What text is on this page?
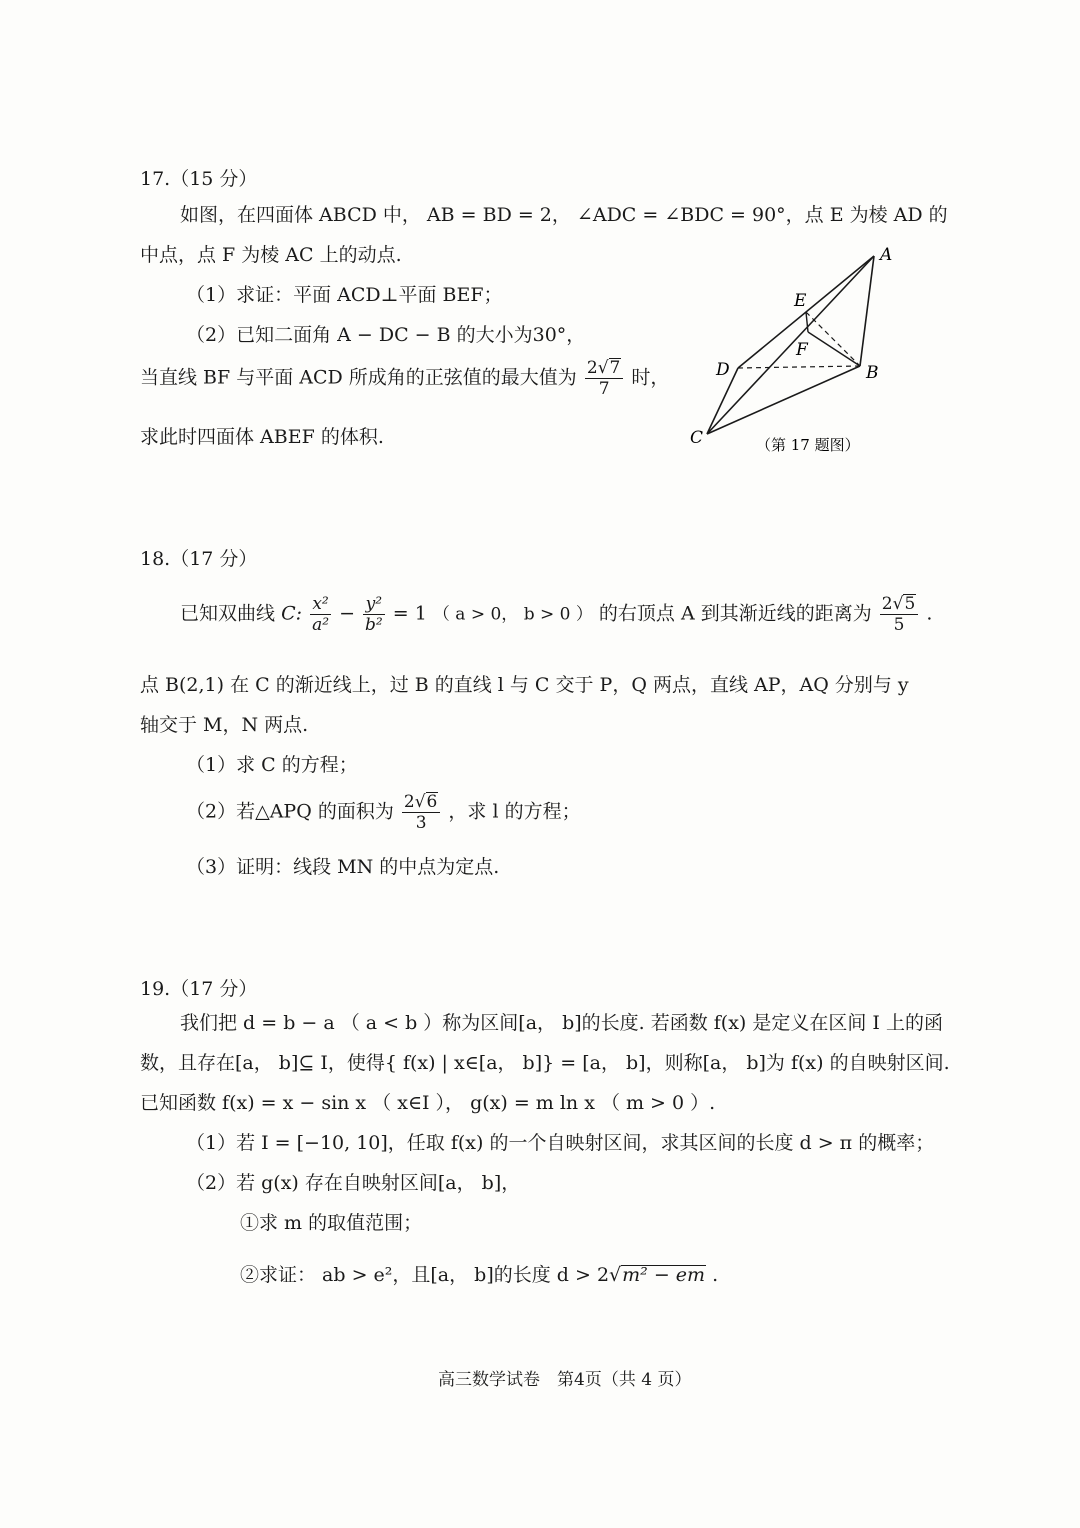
17.（15 分）
如图，在四面体 ABCD 中， AB = BD = 2， ∠ADC = ∠BDC = 90°，点 E 为棱 AD 的
中点，点 F 为棱 AC 上的动点.
（1）求证：平面 ACD⊥平面 BEF；
（2）已知二面角 A − DC − B 的大小为30°，
当直线 BF 与平面 ACD 所成角的正弦值的最大值为 $\frac{2√7}{7}$ 时，
求此时四面体 ABEF 的体积.
A
B
C
D
E
F
（第 17 题图）
18.（17 分）
已知双曲线 C: $\frac{\text{x²}}{\text{a²}} - \frac{\text{y²}}{\text{b²}} = 1$ （ a > 0， b > 0 ） 的右顶点 A 到其渐近线的距离为 $\frac{2√5}{5}$ .
点 B(2,1) 在 C 的渐近线上，过 B 的直线 l 与 C 交于 P，Q 两点，直线 AP，AQ 分别与 y
轴交于 M，N 两点.
（1）求 C 的方程；
（2）若△APQ 的面积为 $\frac{2√6}{3}$ ，求 l 的方程；
（3）证明：线段 MN 的中点为定点.
19.（17 分）
我们把 d = b − a （ a < b ）称为区间[a， b]的长度. 若函数 f(x) 是定义在区间 I 上的函
数，且存在[a， b]⊆ I，使得{ f(x) | x∈[a， b]} = [a， b]，则称[a， b]为 f(x) 的自映射区间.
已知函数 f(x) = x − sin x （ x∈I ）， g(x) = m ln x （ m > 0 ）.
（1）若 I = [−10, 10]，任取 f(x) 的一个自映射区间，求其区间的长度 d > π 的概率；
（2）若 g(x) 存在自映射区间[a， b]，
①求 m 的取值范围；
②求证： ab > e²，且[a， b]的长度 d > 2√m² − em .
高三数学试卷　第4页（共 4 页）
